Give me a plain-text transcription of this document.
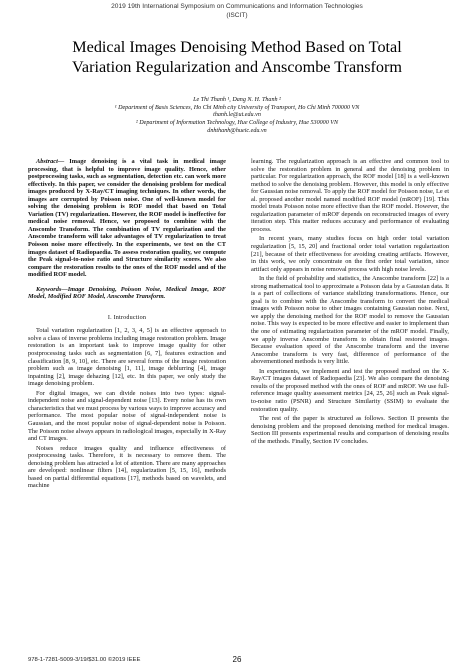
2019 19th International Symposium on Communications and Information Technologies
(ISCIT)
Medical Images Denoising Method Based on Total
Variation Regularization and Anscombe Transform
Le Thi Thanh ¹, Dang N. H. Thanh ²
¹ Department of Basis Sciences, Ho Chi Minh city University of Transport, Ho Chi Minh 700000 VN
thanh.le@ut.edu.vn
² Department of Information Technology, Hue College of Industry, Hue 530000 VN
dnhthanh@hueic.edu.vn

Abstract— Image denoising is a vital task in medical image processing, that is helpful to improve image quality. Hence, other postprocessing tasks, such as segmentation, detection etc. can work more effectively. In this paper, we consider the denoising problem for medical images produced by X-Ray/CT imaging techniques. In other words, the images are corrupted by Poisson noise. One of well-known model for solving the denoising problem is ROF model that based on Total Variation (TV) regularization. However, the ROF model is ineffective for medical noise removal. Hence, we proposed to combine with the Anscombe Transform. The combination of TV regularization and the Anscombe transform will take advantages of TV regularization to treat Poisson noise more effectively. In the experiments, we test on the CT images dataset of Radiopaedia. To assess restoration quality, we compute the Peak signal-to-noise ratio and Structure similarity scores. We also compare the restoration results to the ones of the ROF model and of the modified ROF model.

Keywords—Image Denoising, Poisson Noise, Medical Image, ROF Model, Modified ROF Model, Anscombe Transform.

I. Introduction

Total variation regularization [1, 2, 3, 4, 5] is an effective approach to solve a class of inverse problems including image restoration problem. Image restoration is an important task to improve image quality for other postprocessing tasks such as segmentation [6, 7], features extraction and classification [8, 9, 10], etc. There are several forms of the image restoration problem such as image denoising [1, 11], image deblurring [4], image inpainting [2], image dehazing [12], etc. In this paper, we only study the image denoising problem.

For digital images, we can divide noises into two types: signal-independent noise and signal-dependent noise [13]. Every noise has its own characteristics that we must process by various ways to improve accuracy and performance. The most popular noise of signal-independent noise is Gaussian, and the most popular noise of signal-dependent noise is Poisson. The Poisson noise always appears in radiological images, especially in X-Ray and CT images.

Noises reduce images quality and influence effectiveness of postprocessing tasks. Therefore, it is necessary to remove them. The denoising problem has attracted a lot of attention. There are many approaches are developed: nonlinear filters [14], regularization [5, 15, 16], methods based on partial differential equations [17], methods based on wavelets, and machine

learning. The regularization approach is an effective and common tool to solve the restoration problem in general and the denoising problem in particular. For regularization approach, the ROF model [18] is a well-known method to solve the denoising problem. However, this model is only effective for Gaussian noise removal. To apply the ROF model for Poisson noise, Le et al. proposed another model named modified ROF model (mROF) [19]. This model treats Poisson noise more effective than the ROF model. However, the regularization parameter of mROF depends on reconstructed images of every iteration step. This matter reduces accuracy and performance of evaluating process.

In recent years, many studies focus on high order total variation regularization [5, 15, 20] and fractional order total variation regularization [21], because of their effectiveness for avoiding creating artifacts. However, in this work, we only concentrate on the first order total variation, since artifact only appears in noise removal process with high noise levels.

In the field of probability and statistics, the Anscombe transform [22] is a strong mathematical tool to approximate a Poisson data by a Gaussian data. It is a part of collections of variance stabilizing transformations. Hence, our goal is to combine with the Anscombe transform to convert the medical images with Poisson noise to other images containing Gaussian noise. Next, we apply the denoising method for the ROF model to remove the Gaussian noise. This way is expected to be more effective and easier to implement than the one of estimating regularization parameter of the mROF model. Finally, we apply inverse Anscombe transform to obtain final restored images. Because evaluation speed of the Anscombe transform and the inverse Anscombe transform is very fast, difference of performance of the abovementioned methods is very little.

In experiments, we implement and test the proposed method on the X-Ray/CT images dataset of Radiopaedia [23]. We also compare the denoising results of the proposed method with the ones of ROF and mROF. We use full-reference image quality assessment metrics [24, 25, 26] such as Peak signal-to-noise ratio (PSNR) and Structure Similarity (SSIM) to evaluate the restoration quality.

The rest of the paper is structured as follows. Section II presents the denoising problem and the proposed denoising method for medical images. Section III presents experimental results and comparison of denoising results of the methods. Finally, Section IV concludes.

978-1-7281-5009-3/19/$31.00 ©2019 IEEE	26
